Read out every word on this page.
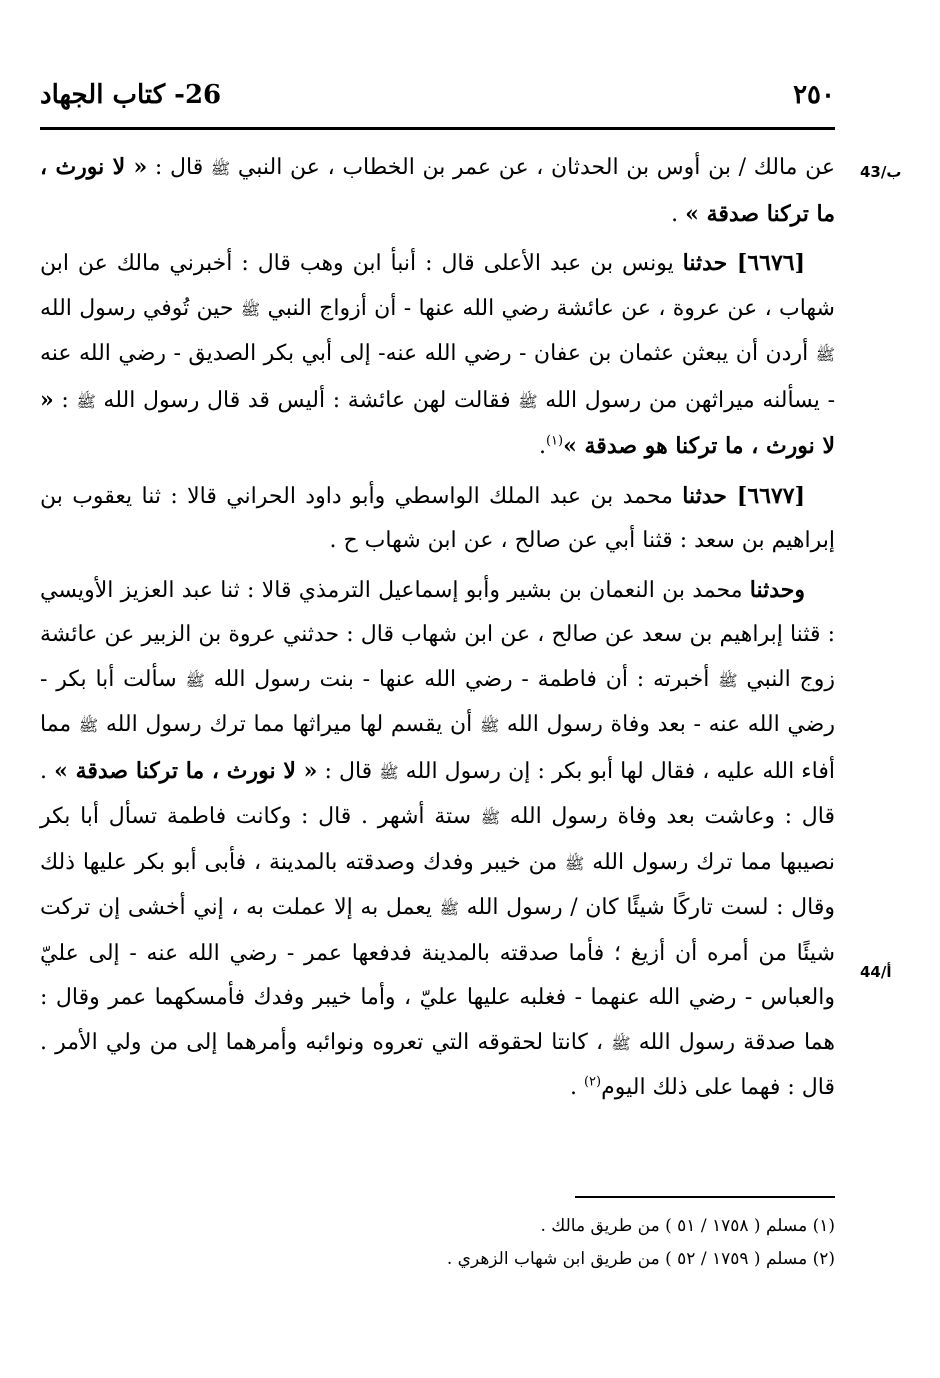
٢٥٠
26- كتاب الجهاد
43/ب
44/أ

عن مالك / بن أوس بن الحدثان ، عن عمر بن الخطاب ، عن النبي ﷺ قال : « لا نورث ، ما تركنا صدقة » .

[٦٦٧٦] حدثنا يونس بن عبد الأعلى قال : أنبأ ابن وهب قال : أخبرني مالك عن ابن شهاب ، عن عروة ، عن عائشة رضي الله عنها - أن أزواج النبي ﷺ حين تُوفي رسول الله ﷺ أردن أن يبعثن عثمان بن عفان - رضي الله عنه- إلى أبي بكر الصديق - رضي الله عنه - يسألنه ميراثهن من رسول الله ﷺ فقالت لهن عائشة : أليس قد قال رسول الله ﷺ : « لا نورث ، ما تركنا هو صدقة »$^{(١)}$.

[٦٦٧٧] حدثنا محمد بن عبد الملك الواسطي وأبو داود الحراني قالا : ثنا يعقوب بن إبراهيم بن سعد : قثنا أبي عن صالح ، عن ابن شهاب ح .

وحدثنا محمد بن النعمان بن بشير وأبو إسماعيل الترمذي قالا : ثنا عبد العزيز الأويسي : قثنا إبراهيم بن سعد عن صالح ، عن ابن شهاب قال : حدثني عروة بن الزبير عن عائشة زوج النبي ﷺ أخبرته : أن فاطمة - رضي الله عنها - بنت رسول الله ﷺ سألت أبا بكر - رضي الله عنه - بعد وفاة رسول الله ﷺ أن يقسم لها ميراثها مما ترك رسول الله ﷺ مما أفاء الله عليه ، فقال لها أبو بكر : إن رسول الله ﷺ قال : « لا نورث ، ما تركنا صدقة » . قال : وعاشت بعد وفاة رسول الله ﷺ ستة أشهر . قال : وكانت فاطمة تسأل أبا بكر نصيبها مما ترك رسول الله ﷺ من خيبر وفدك وصدقته بالمدينة ، فأبى أبو بكر عليها ذلك وقال : لست تاركًا شيئًا كان / رسول الله ﷺ يعمل به إلا عملت به ، إني أخشى إن تركت شيئًا من أمره أن أزيغ ؛ فأما صدقته بالمدينة فدفعها عمر - رضي الله عنه - إلى عليّ والعباس - رضي الله عنهما - فغلبه عليها عليّ ، وأما خيبر وفدك فأمسكهما عمر وقال : هما صدقة رسول الله ﷺ ، كانتا لحقوقه التي تعروه ونوائبه وأمرهما إلى من ولي الأمر . قال : فهما على ذلك اليوم$^{(٢)}$ .

(١) مسلم ( ١٧٥٨ / ٥١ ) من طريق مالك .

(٢) مسلم ( ١٧٥٩ / ٥٢ ) من طريق ابن شهاب الزهري .
